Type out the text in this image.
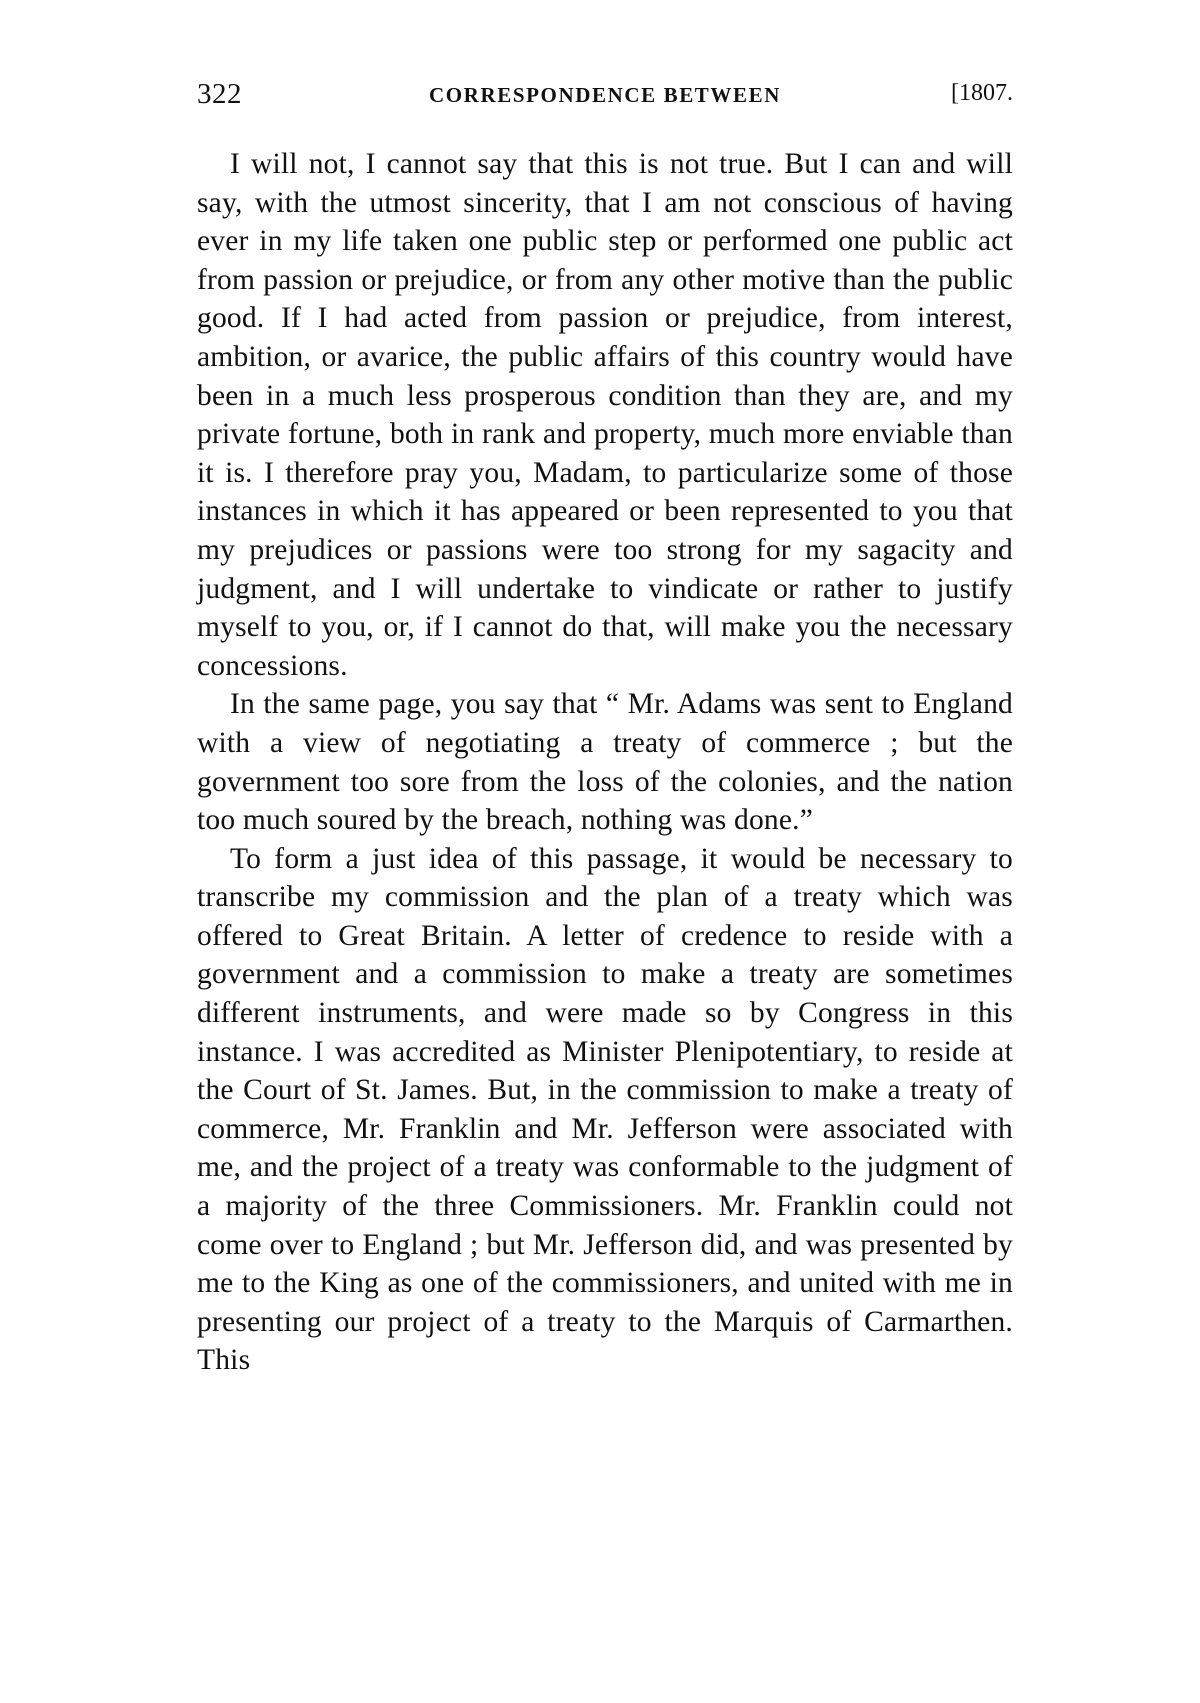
322	CORRESPONDENCE BETWEEN	[1807.

I will not, I cannot say that this is not true. But I can and will say, with the utmost sincerity, that I am not conscious of having ever in my life taken one public step or performed one public act from passion or prejudice, or from any other motive than the public good. If I had acted from passion or prejudice, from interest, ambition, or avarice, the public affairs of this country would have been in a much less prosperous condition than they are, and my private fortune, both in rank and property, much more enviable than it is. I therefore pray you, Madam, to particularize some of those instances in which it has appeared or been represented to you that my prejudices or passions were too strong for my sagacity and judgment, and I will undertake to vindicate or rather to justify myself to you, or, if I cannot do that, will make you the necessary concessions.

In the same page, you say that “ Mr. Adams was sent to England with a view of negotiating a treaty of commerce ; but the government too sore from the loss of the colonies, and the nation too much soured by the breach, nothing was done.”

To form a just idea of this passage, it would be necessary to transcribe my commission and the plan of a treaty which was offered to Great Britain. A letter of credence to reside with a government and a commission to make a treaty are sometimes different instruments, and were made so by Congress in this instance. I was accredited as Minister Plenipotentiary, to reside at the Court of St. James. But, in the commission to make a treaty of commerce, Mr. Franklin and Mr. Jefferson were associated with me, and the project of a treaty was conformable to the judgment of a majority of the three Commissioners. Mr. Franklin could not come over to England ; but Mr. Jefferson did, and was presented by me to the King as one of the commissioners, and united with me in presenting our project of a treaty to the Marquis of Carmarthen. This
